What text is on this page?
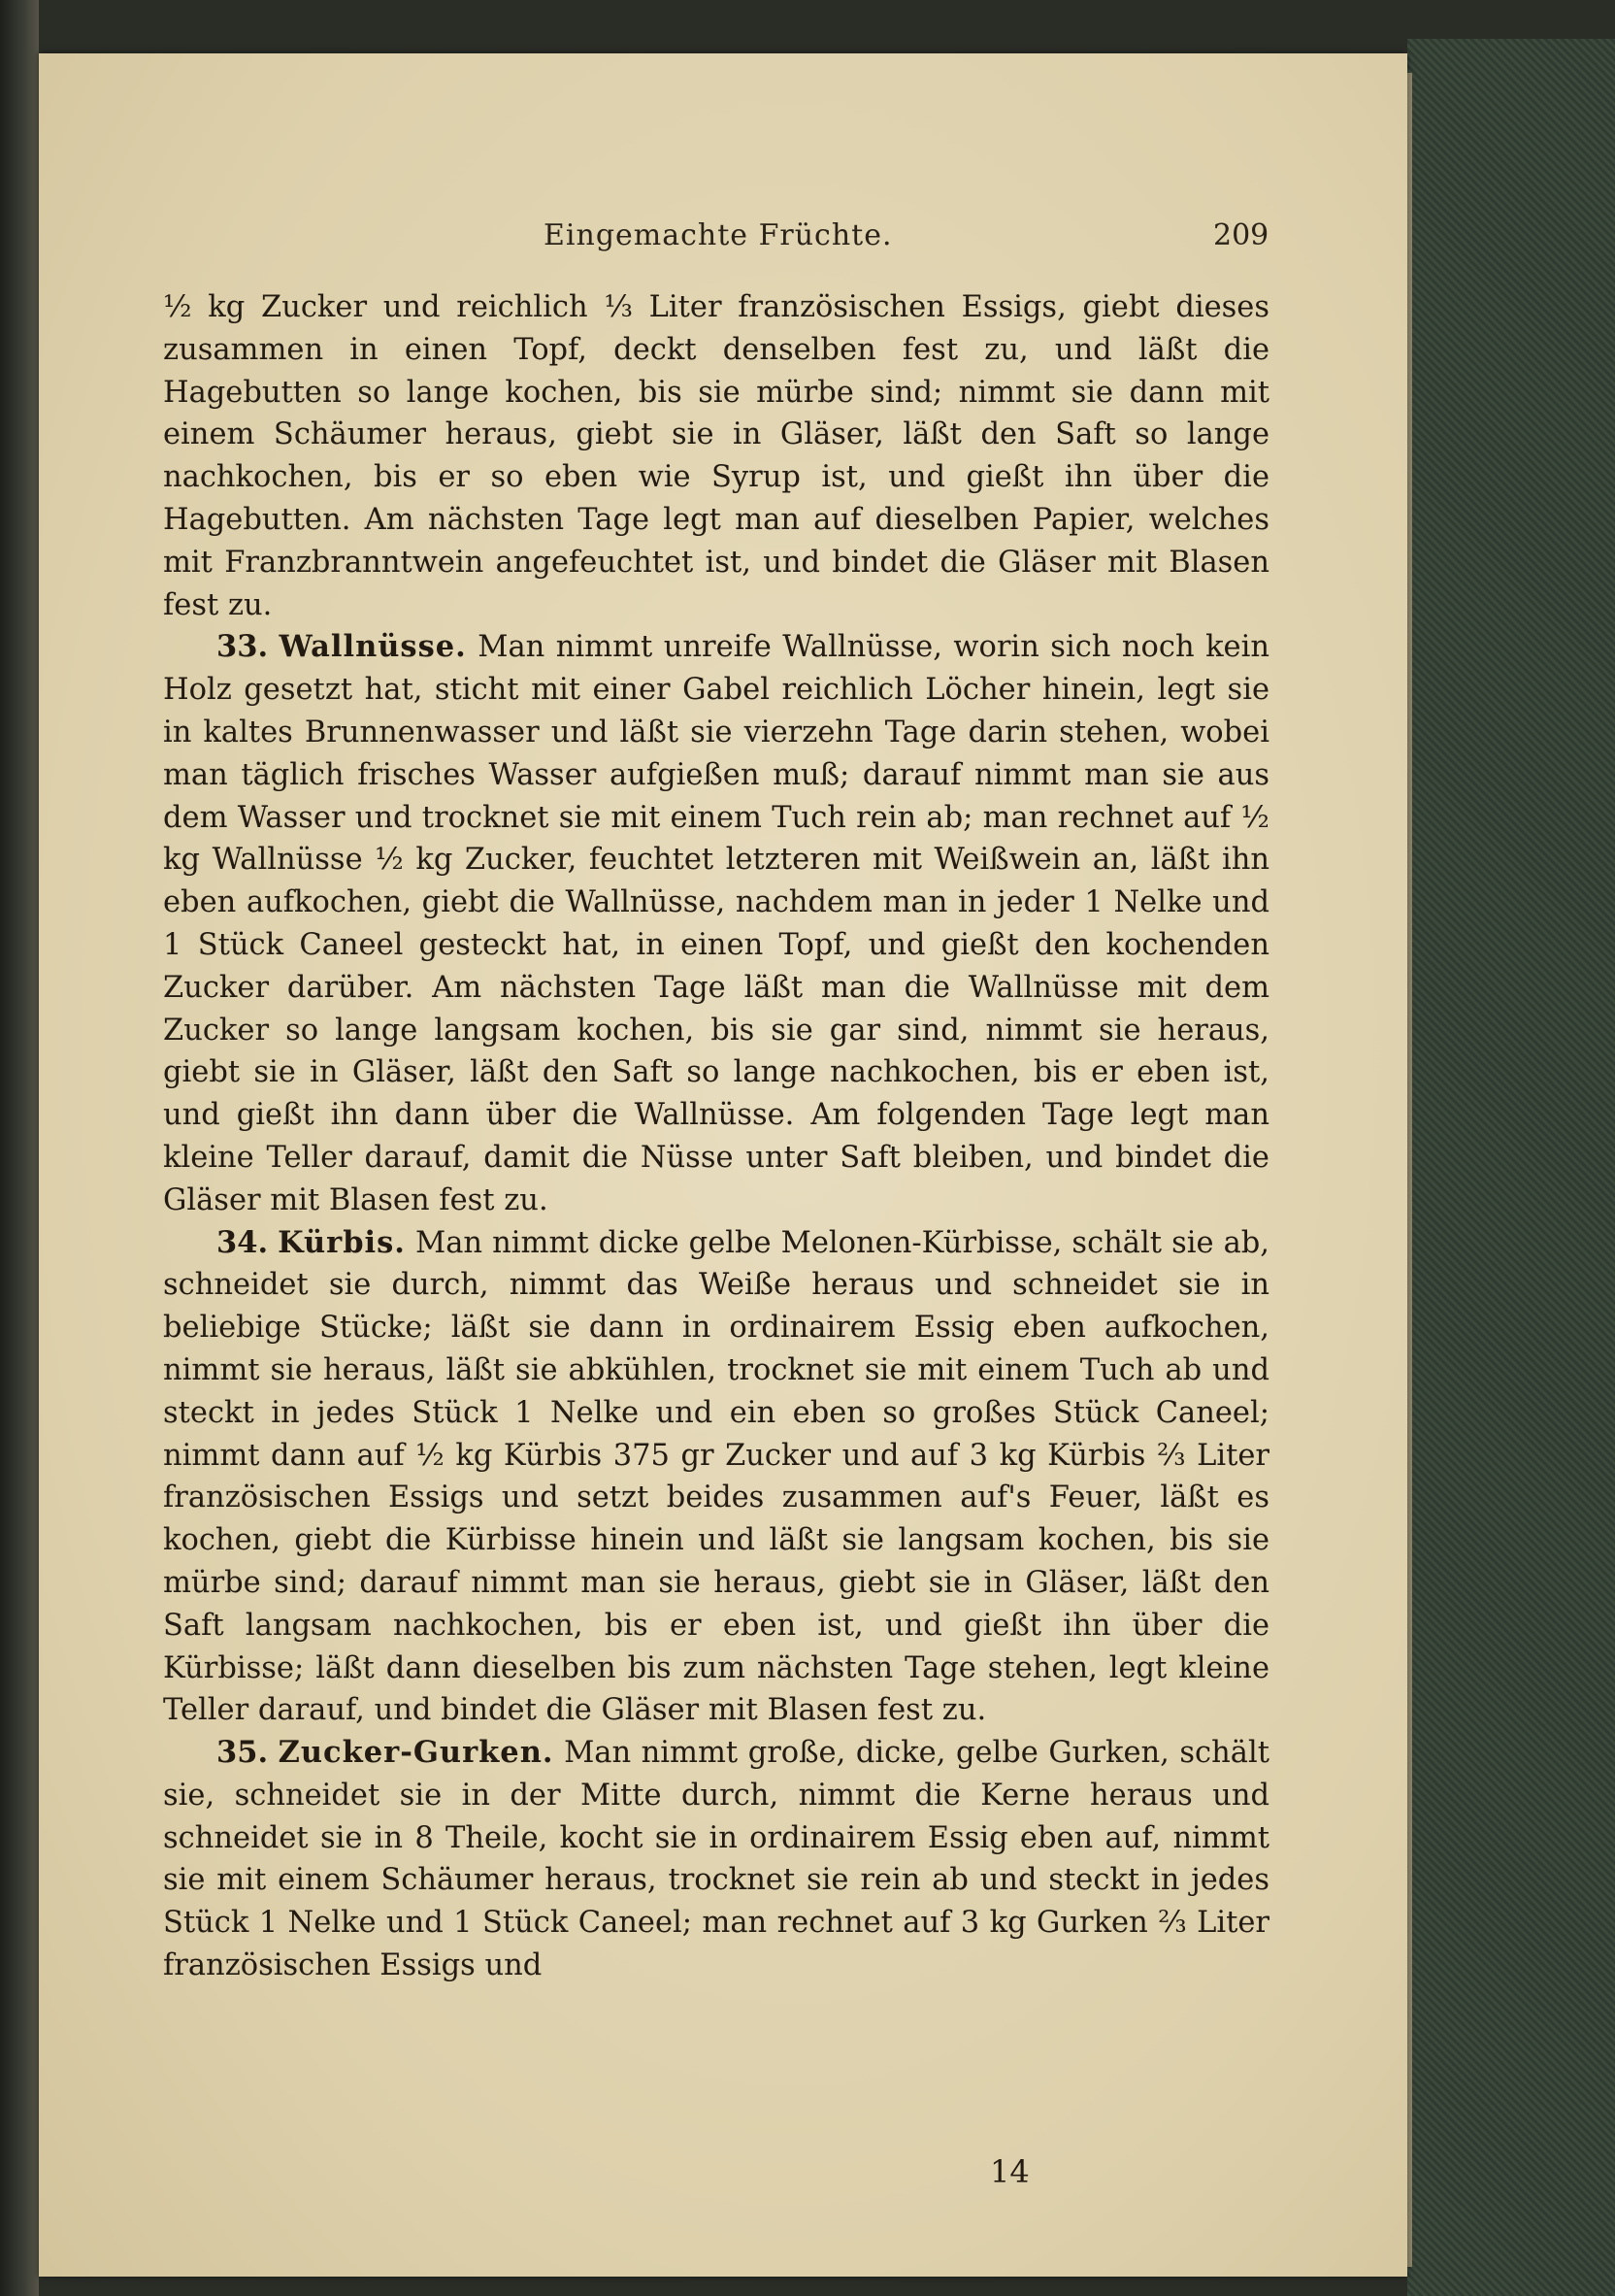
Eingemachte Früchte.	209

½ kg Zucker und reichlich ⅓ Liter französischen Essigs, giebt dieses zusammen in einen Topf, deckt denselben fest zu, und läßt die Hagebutten so lange kochen, bis sie mürbe sind; nimmt sie dann mit einem Schäumer heraus, giebt sie in Gläser, läßt den Saft so lange nachkochen, bis er so eben wie Syrup ist, und gießt ihn über die Hagebutten. Am nächsten Tage legt man auf dieselben Papier, welches mit Franzbranntwein angefeuchtet ist, und bindet die Gläser mit Blasen fest zu.

33. Wallnüsse. Man nimmt unreife Wallnüsse, worin sich noch kein Holz gesetzt hat, sticht mit einer Gabel reichlich Löcher hinein, legt sie in kaltes Brunnenwasser und läßt sie vierzehn Tage darin stehen, wobei man täglich frisches Wasser aufgießen muß; darauf nimmt man sie aus dem Wasser und trocknet sie mit einem Tuch rein ab; man rechnet auf ½ kg Wallnüsse ½ kg Zucker, feuchtet letzteren mit Weißwein an, läßt ihn eben aufkochen, giebt die Wallnüsse, nachdem man in jeder 1 Nelke und 1 Stück Caneel gesteckt hat, in einen Topf, und gießt den kochenden Zucker darüber. Am nächsten Tage läßt man die Wallnüsse mit dem Zucker so lange langsam kochen, bis sie gar sind, nimmt sie heraus, giebt sie in Gläser, läßt den Saft so lange nachkochen, bis er eben ist, und gießt ihn dann über die Wallnüsse. Am folgenden Tage legt man kleine Teller darauf, damit die Nüsse unter Saft bleiben, und bindet die Gläser mit Blasen fest zu.

34. Kürbis. Man nimmt dicke gelbe Melonen-Kürbisse, schält sie ab, schneidet sie durch, nimmt das Weiße heraus und schneidet sie in beliebige Stücke; läßt sie dann in ordinairem Essig eben aufkochen, nimmt sie heraus, läßt sie abkühlen, trocknet sie mit einem Tuch ab und steckt in jedes Stück 1 Nelke und ein eben so großes Stück Caneel; nimmt dann auf ½ kg Kürbis 375 gr Zucker und auf 3 kg Kürbis ⅔ Liter französischen Essigs und setzt beides zusammen auf's Feuer, läßt es kochen, giebt die Kürbisse hinein und läßt sie langsam kochen, bis sie mürbe sind; darauf nimmt man sie heraus, giebt sie in Gläser, läßt den Saft langsam nachkochen, bis er eben ist, und gießt ihn über die Kürbisse; läßt dann dieselben bis zum nächsten Tage stehen, legt kleine Teller darauf, und bindet die Gläser mit Blasen fest zu.

35. Zucker-Gurken. Man nimmt große, dicke, gelbe Gurken, schält sie, schneidet sie in der Mitte durch, nimmt die Kerne heraus und schneidet sie in 8 Theile, kocht sie in ordinairem Essig eben auf, nimmt sie mit einem Schäumer heraus, trocknet sie rein ab und steckt in jedes Stück 1 Nelke und 1 Stück Caneel; man rechnet auf 3 kg Gurken ⅔ Liter französischen Essigs und

14
